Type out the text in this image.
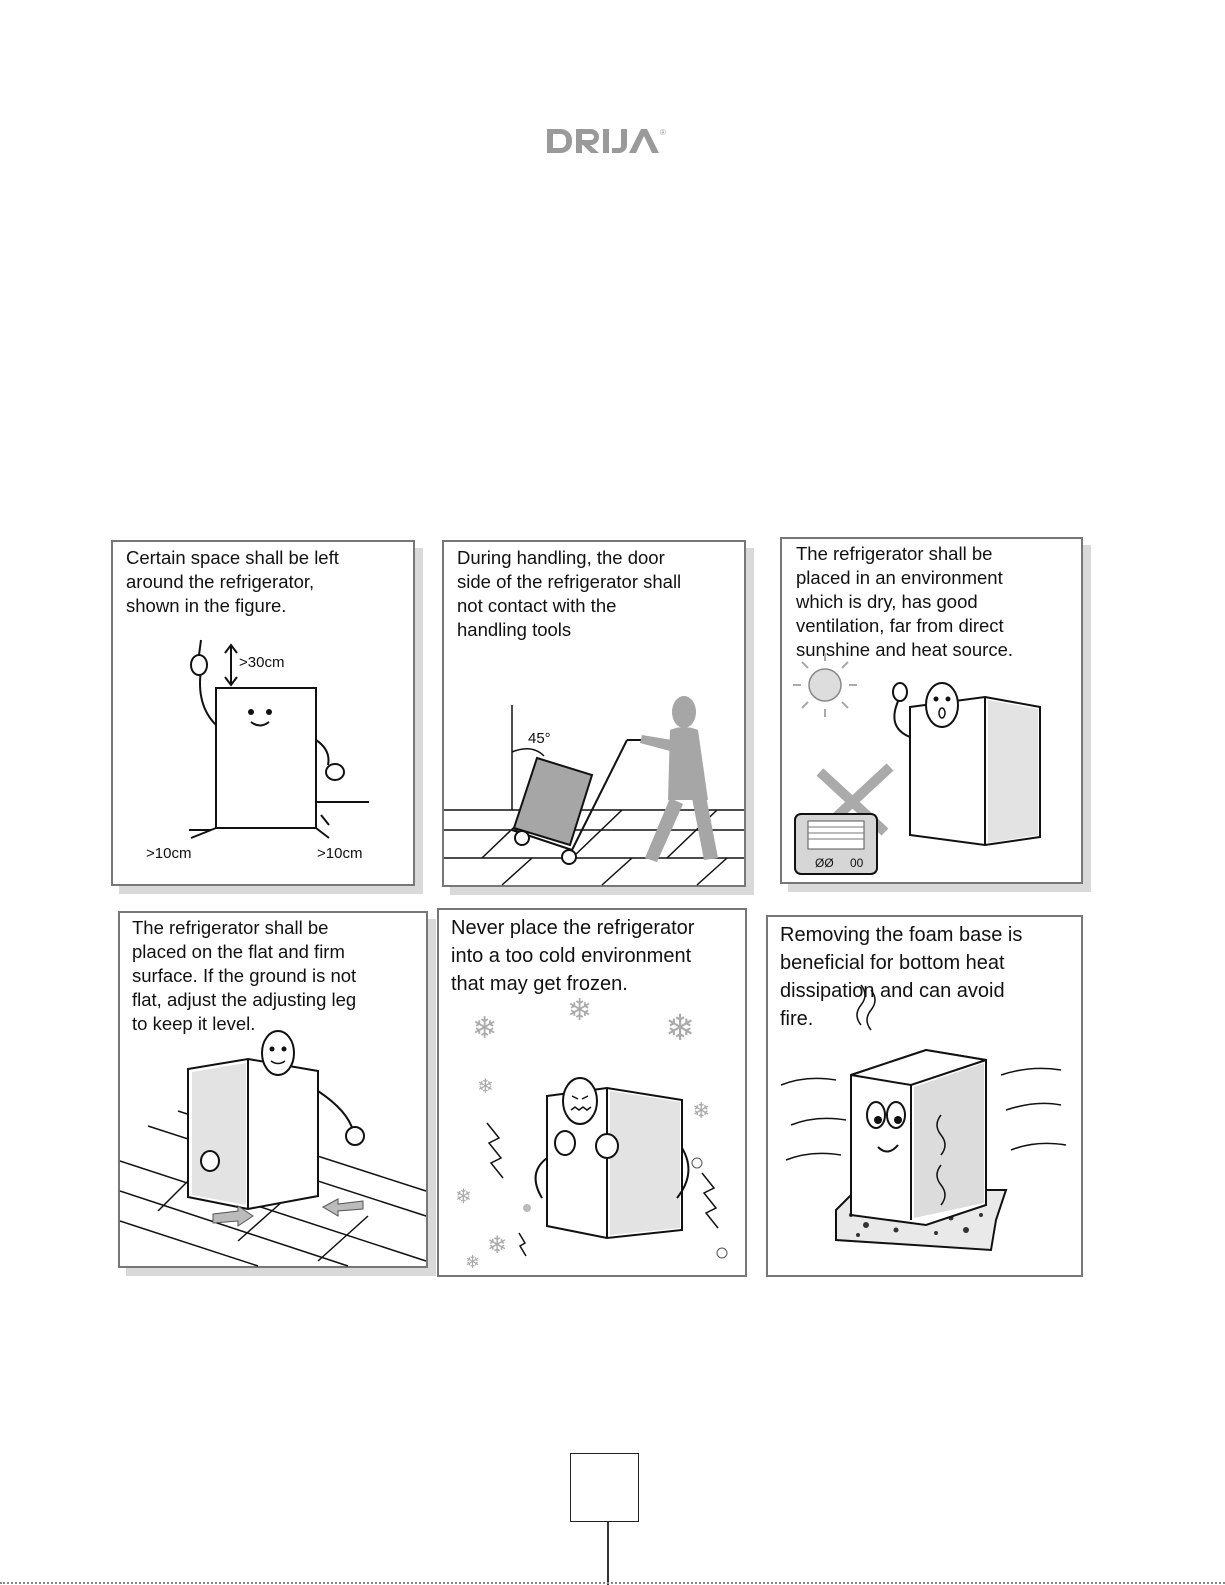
®
Certain space shall be left
around the refrigerator,
shown in the figure.
>30cm
>10cm	>10cm
During handling, the door
side of the refrigerator shall
not contact with the
handling tools
45°
The refrigerator shall be
placed in an environment
which is dry, has good
ventilation, far from direct
sunshine and heat source.
ØØ 00
The refrigerator shall be
placed on the flat and firm
surface. If the ground is not
flat, adjust the adjusting leg
to keep it level.
Never place the refrigerator
into a too cold environment
that may get frozen.
❄
❄ ❄
❄
❄
❄
❄
❄
Removing the foam base is
beneficial for bottom heat
dissipation and can avoid
fire.
